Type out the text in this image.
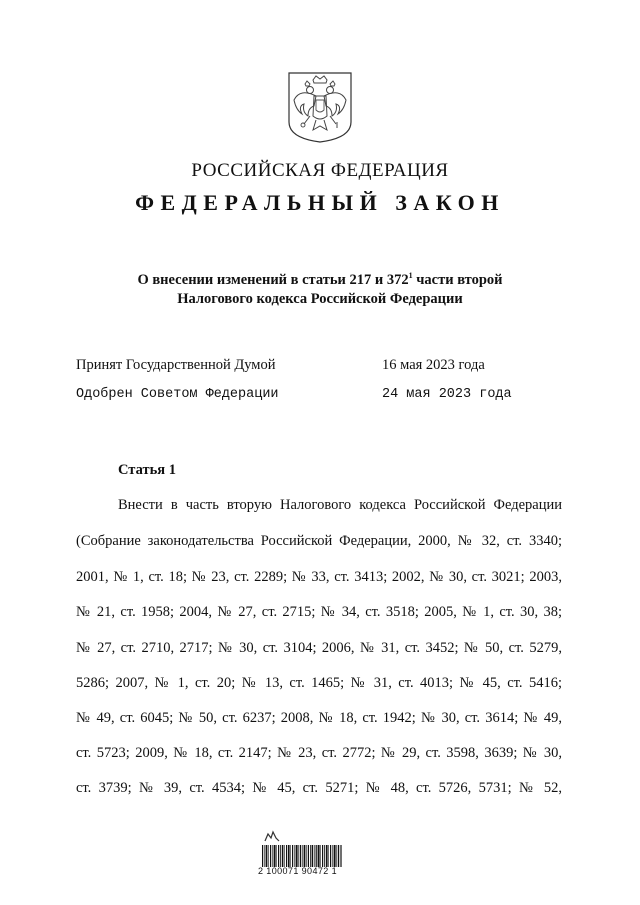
РОССИЙСКАЯ ФЕДЕРАЦИЯ
ФЕДЕРАЛЬНЫЙ ЗАКОН
О внесении изменений в статьи 217 и $372^1$ части второй
Налогового кодекса Российской Федерации
Принят Государственной Думой	16 мая 2023 года
Одобрен Советом Федерации	24 мая 2023 года
Статья 1
Внести в часть вторую Налогового кодекса Российской Федерации
(Собрание законодательства Российской Федерации, 2000, № 32, ст. 3340;
2001, № 1, ст. 18; № 23, ст. 2289; № 33, ст. 3413; 2002, № 30, ст. 3021; 2003,
№ 21, ст. 1958; 2004, № 27, ст. 2715; № 34, ст. 3518; 2005, № 1, ст. 30, 38;
№ 27, ст. 2710, 2717; № 30, ст. 3104; 2006, № 31, ст. 3452; № 50, ст. 5279,
5286; 2007, № 1, ст. 20; № 13, ст. 1465; № 31, ст. 4013; № 45, ст. 5416;
№ 49, ст. 6045; № 50, ст. 6237; 2008, № 18, ст. 1942; № 30, ст. 3614; № 49,
ст. 5723; 2009, № 18, ст. 2147; № 23, ст. 2772; № 29, ст. 3598, 3639; № 30,
ст. 3739; № 39, ст. 4534; № 45, ст. 5271; № 48, ст. 5726, 5731; № 52,
2 100071 90472 1
